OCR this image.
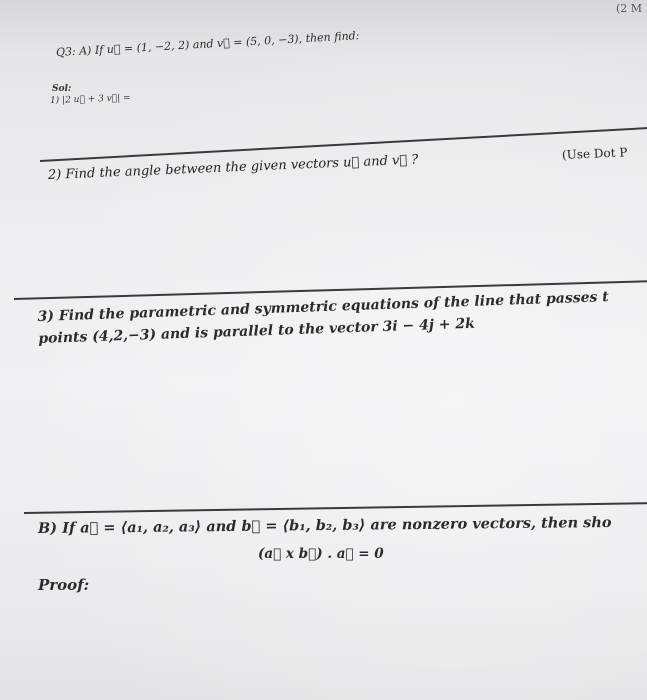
(2 M
Q3: A) If u⃗ = (1, −2, 2) and v⃗ = (5, 0, −3), then find:
Sol:
1) |2 u⃗ + 3 v⃗| =
2) Find the angle between the given vectors u⃗ and v⃗ ?	(Use Dot P
3) Find the parametric and symmetric equations of the line that passes t
points (4,2,−3) and is parallel to the vector 3i − 4j + 2k
B) If a⃗ = ⟨a₁, a₂, a₃⟩ and b⃗ = ⟨b₁, b₂, b₃⟩ are nonzero vectors, then sho
(a⃗ x b⃗) . a⃗ = 0
Proof:
